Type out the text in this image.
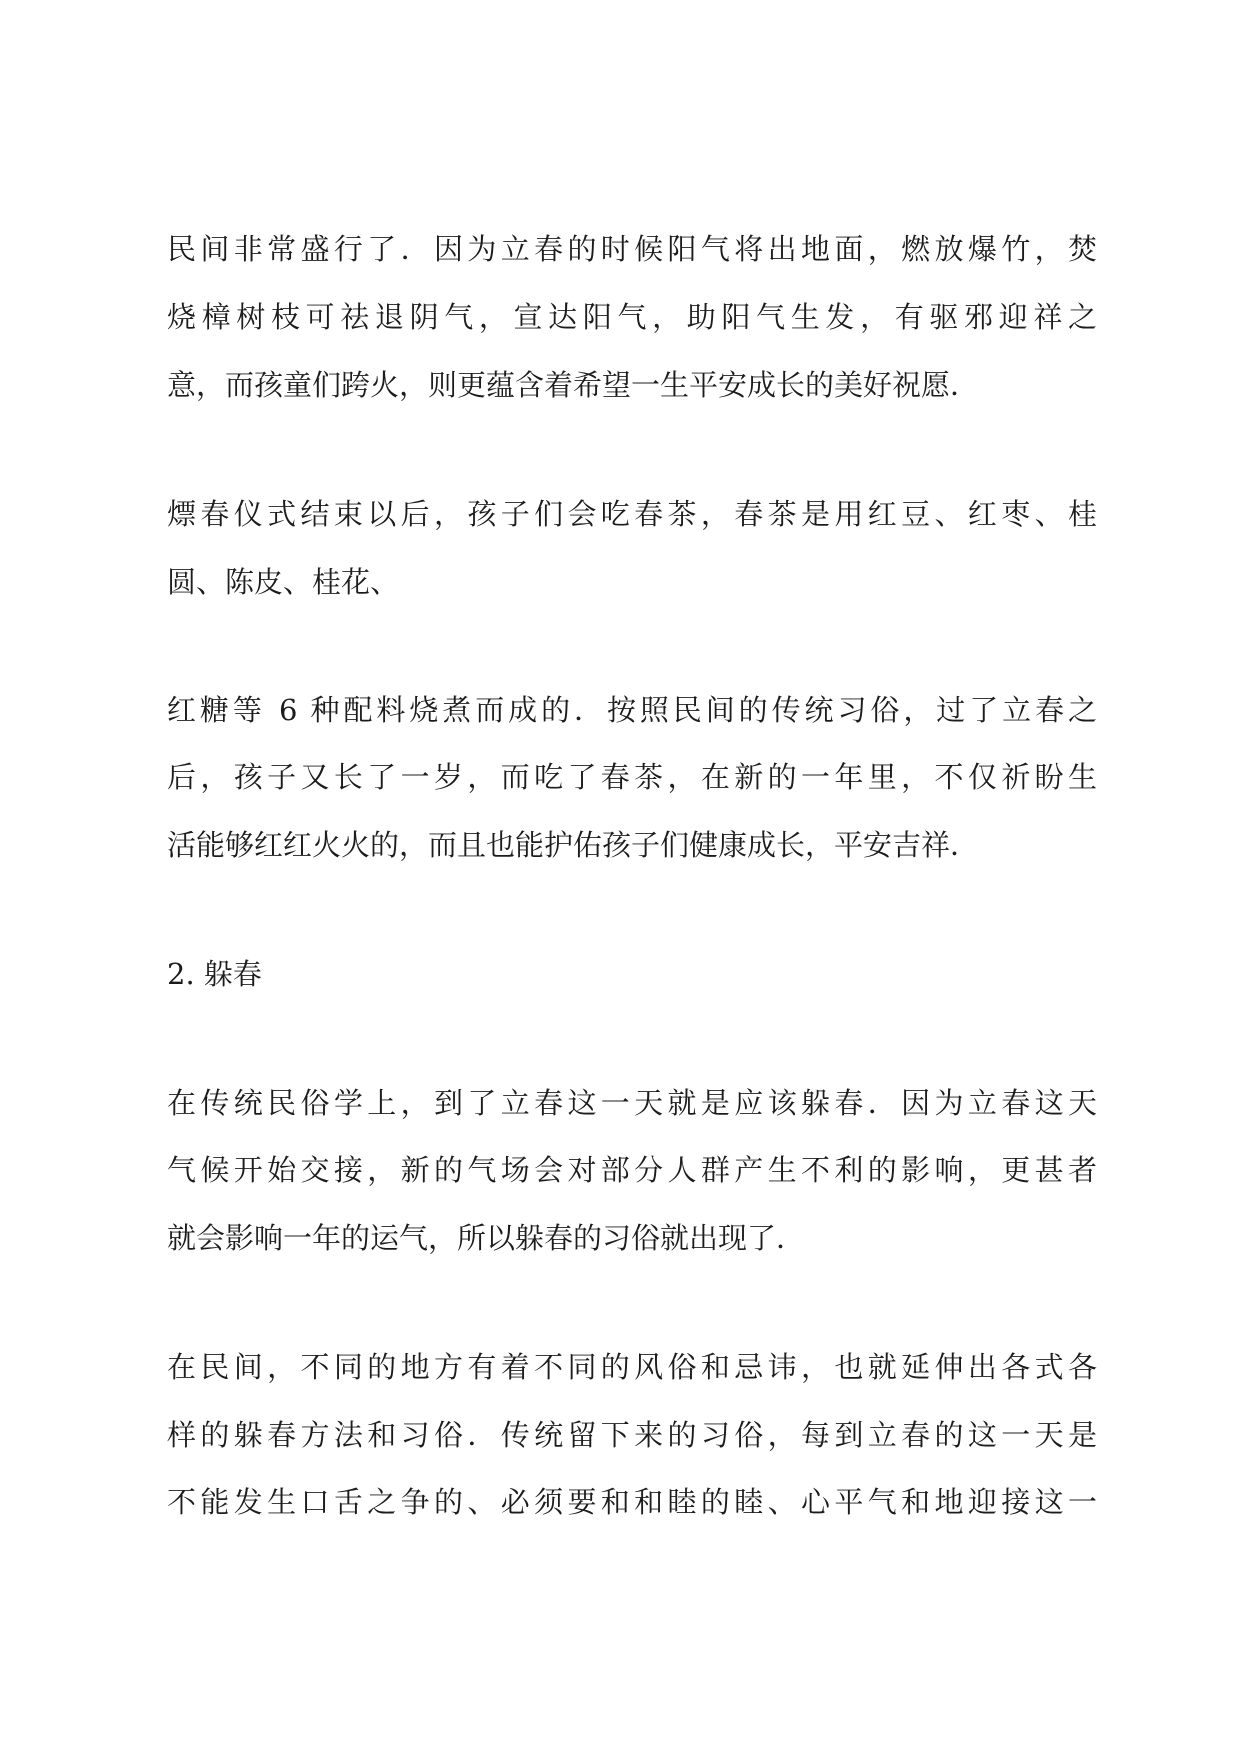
民间非常盛行了．因为立春的时候阳气将出地面，燃放爆竹，焚
烧樟树枝可祛退阴气，宣达阳气，助阳气生发，有驱邪迎祥之
意，而孩童们跨火，则更蕴含着希望一生平安成长的美好祝愿．
熛春仪式结束以后，孩子们会吃春茶，春茶是用红豆、红枣、桂
圆、陈皮、桂花、
红糖等 6 种配料烧煮而成的．按照民间的传统习俗，过了立春之
后，孩子又长了一岁，而吃了春茶，在新的一年里，不仅祈盼生
活能够红红火火的，而且也能护佑孩子们健康成长，平安吉祥．
2. 躲春
在传统民俗学上，到了立春这一天就是应该躲春．因为立春这天
气候开始交接，新的气场会对部分人群产生不利的影响，更甚者
就会影响一年的运气，所以躲春的习俗就出现了．
在民间，不同的地方有着不同的风俗和忌讳，也就延伸出各式各
样的躲春方法和习俗．传统留下来的习俗，每到立春的这一天是
不能发生口舌之争的、必须要和和睦的睦、心平气和地迎接这一
